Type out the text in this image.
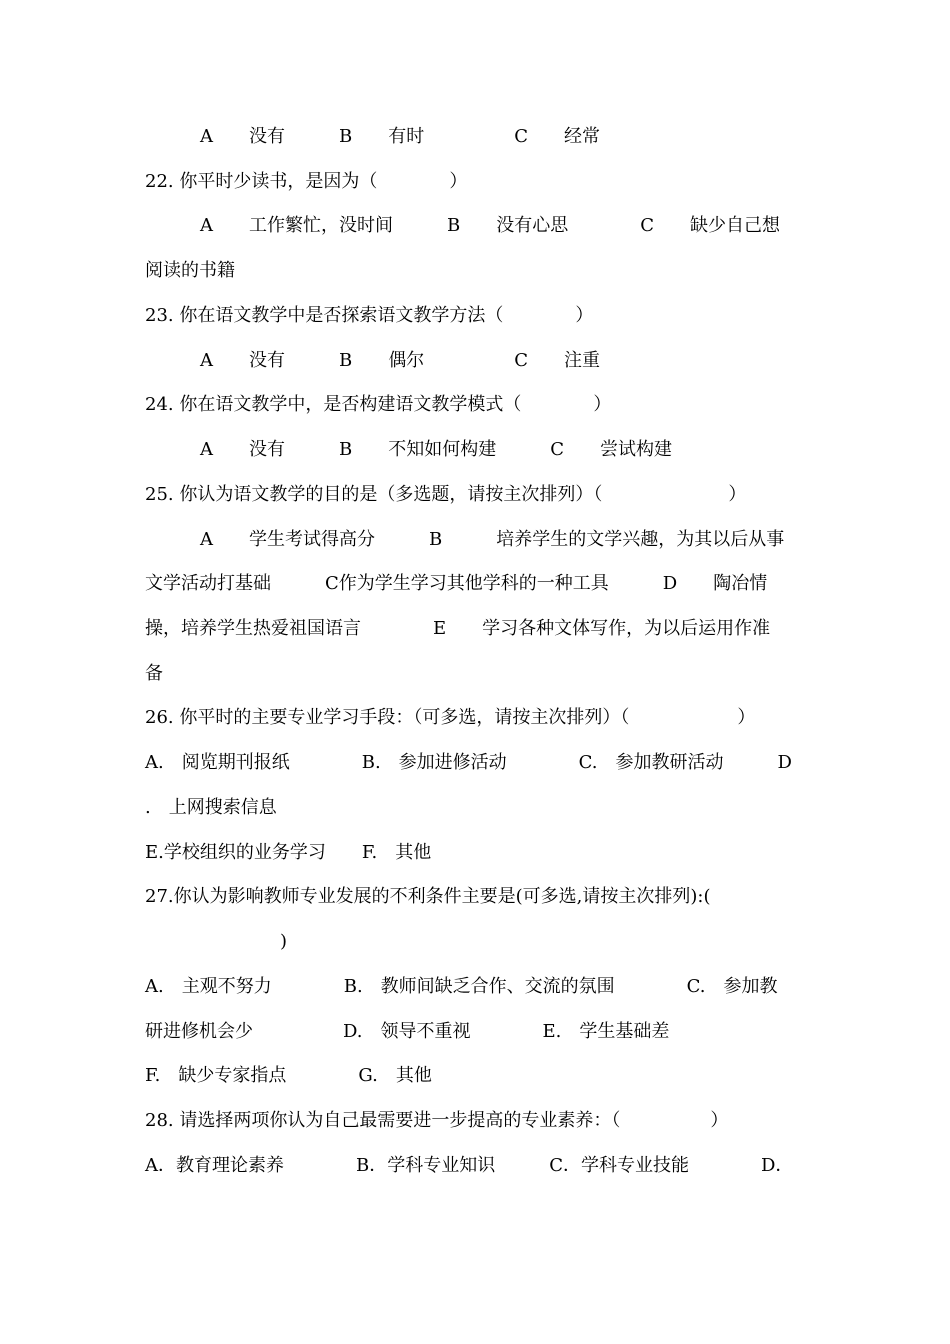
A　　没有　　　B　　有时　　　　　C　　经常
22. 你平时少读书，是因为（　　　　）
A　　工作繁忙，没时间　　　B　　没有心思　　　　C　　缺少自己想
阅读的书籍
23. 你在语文教学中是否探索语文教学方法（　　　　）
A　　没有　　　B　　偶尔　　　　　C　　注重
24. 你在语文教学中，是否构建语文教学模式（　　　　）
A　　没有　　　B　　不知如何构建　　　C　　尝试构建
25. 你认为语文教学的目的是（多选题，请按主次排列）（　　　　　　　）
A　　学生考试得高分　　　B　　　培养学生的文学兴趣，为其以后从事
文学活动打基础　　　C作为学生学习其他学科的一种工具　　　D　　陶冶情
操，培养学生热爱祖国语言　　　　E　　学习各种文体写作，为以后运用作准
备
26. 你平时的主要专业学习手段：（可多选，请按主次排列）（　　　　　　）
A.　阅览期刊报纸　　　　B.　参加进修活动　　　　C.　参加教研活动　　　D
.　上网搜索信息
E.学校组织的业务学习　　F.　其他
27.你认为影响教师专业发展的不利条件主要是(可多选,请按主次排列):(
)
A.　主观不努力　　　　B.　教师间缺乏合作、交流的氛围　　　　C.　参加教
研进修机会少　　　　　D.　领导不重视　　　　E.　学生基础差
F.　缺少专家指点　　　　G.　其他
28. 请选择两项你认为自己最需要进一步提高的专业素养：（　　　　　）
A．教育理论素养　　　　B．学科专业知识　　　C．学科专业技能　　　　D．
